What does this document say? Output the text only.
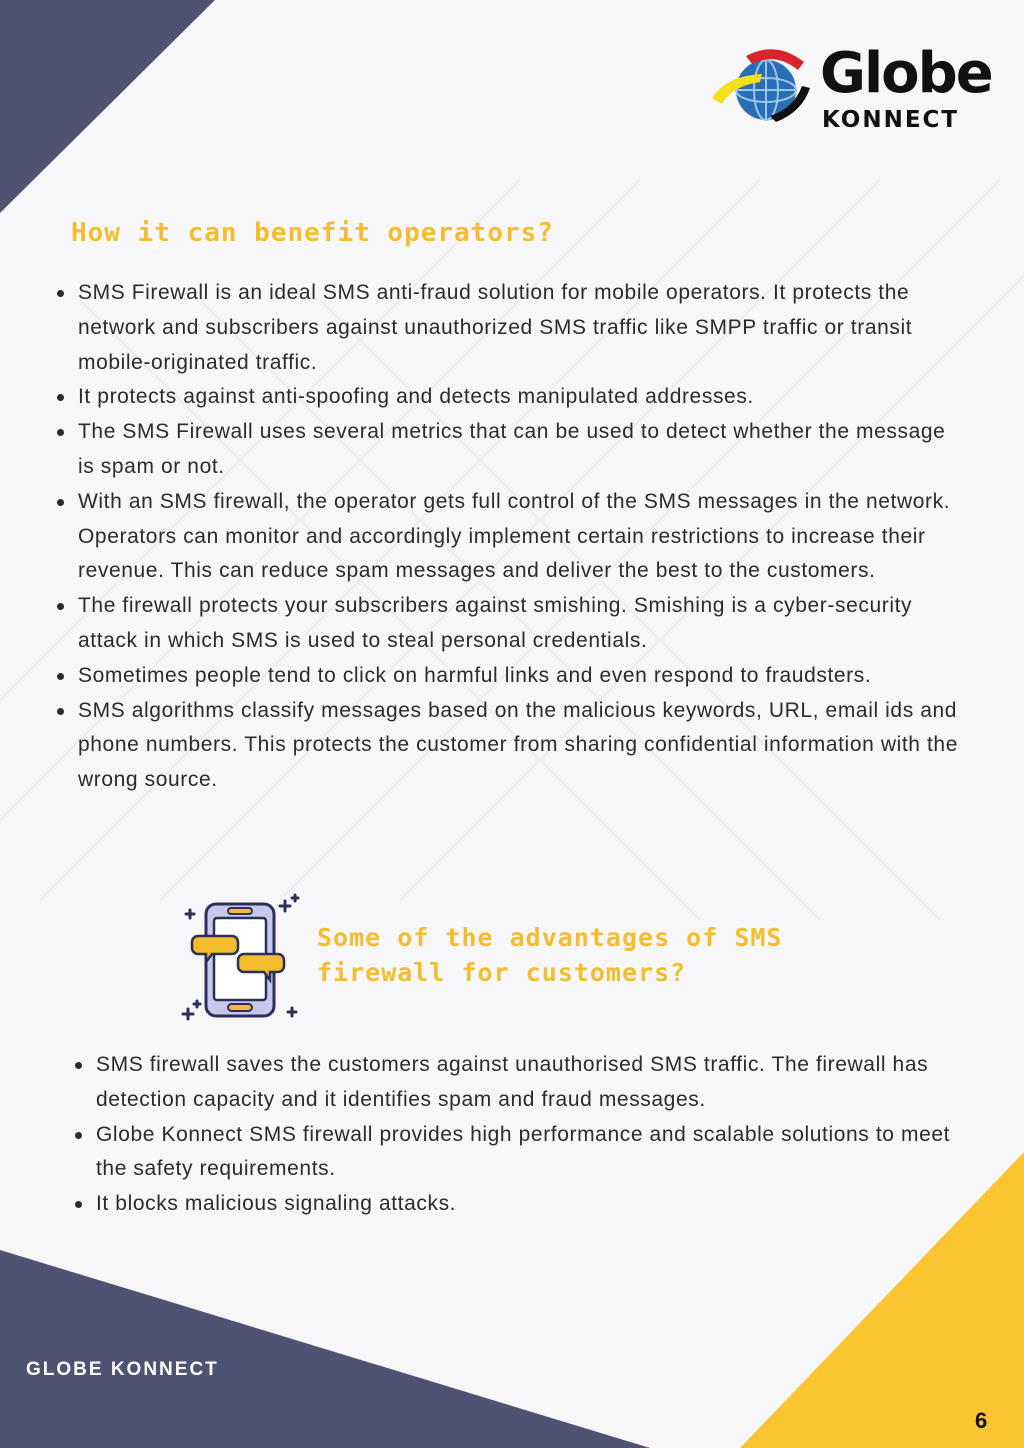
Globe
KONNECT
How it can benefit operators?
SMS Firewall is an ideal SMS anti-fraud solution for mobile operators. It protects the network and subscribers against unauthorized SMS traffic like SMPP traffic or transit mobile-originated traffic.
It protects against anti-spoofing and detects manipulated addresses.
The SMS Firewall uses several metrics that can be used to detect whether the message is spam or not.
With an SMS firewall, the operator gets full control of the SMS messages in the network. Operators can monitor and accordingly implement certain restrictions to increase their revenue. This can reduce spam messages and deliver the best to the customers.
The firewall protects your subscribers against smishing. Smishing is a cyber-security attack in which SMS is used to steal personal credentials.
Sometimes people tend to click on harmful links and even respond to fraudsters.
SMS algorithms classify messages based on the malicious keywords, URL, email ids and phone numbers. This protects the customer from sharing confidential information with the wrong source.
Some of the advantages of SMS firewall for customers?
SMS firewall saves the customers against unauthorised SMS traffic. The firewall has detection capacity and it identifies spam and fraud messages.
Globe Konnect SMS firewall provides high performance and scalable solutions to meet the safety requirements.
It blocks malicious signaling attacks.
GLOBE KONNECT
6
